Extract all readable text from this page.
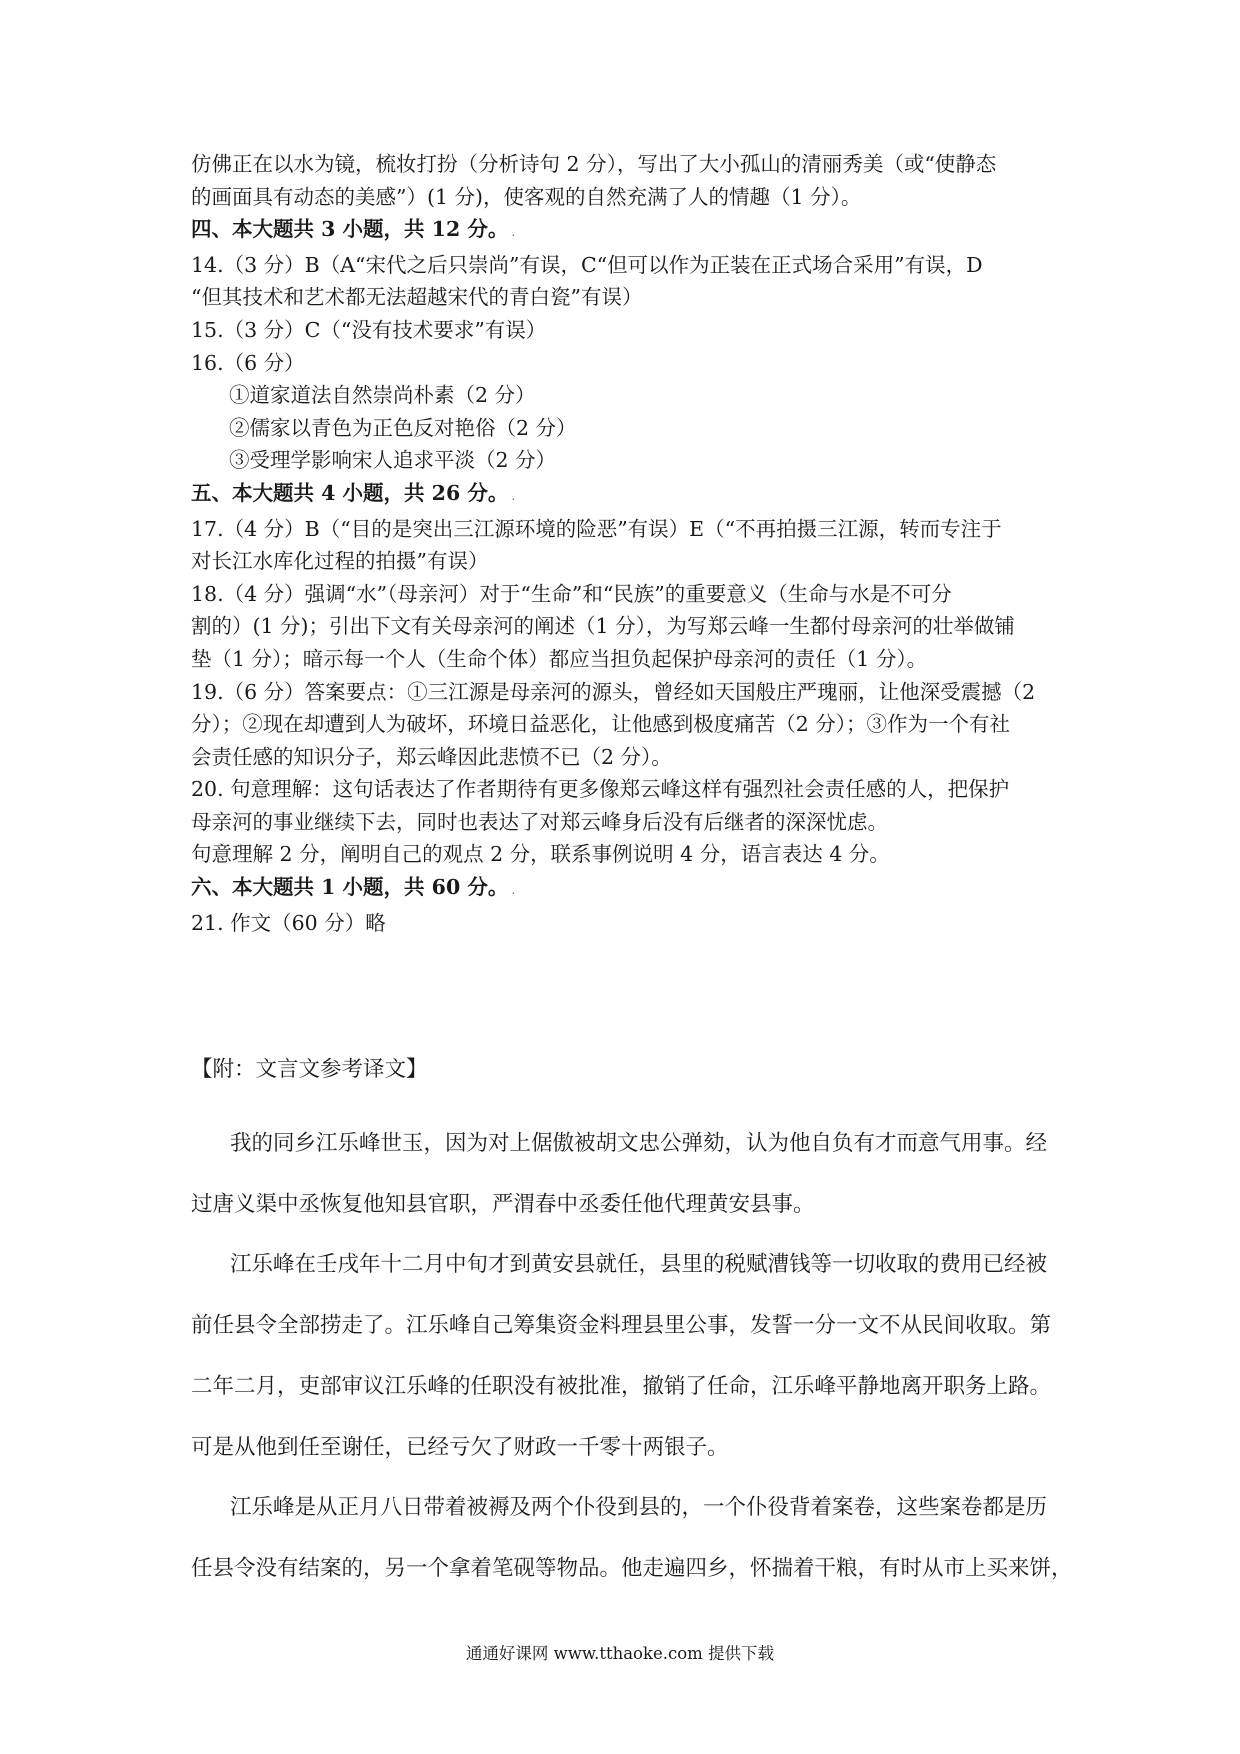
仿佛正在以水为镜，梳妆打扮（分析诗句 2 分），写出了大小孤山的清丽秀美（或“使静态

的画面具有动态的美感”）(1 分)，使客观的自然充满了人的情趣（1 分）。

四、本大题共 3 小题，共 12 分。 .

14.（3 分）B（A“宋代之后只崇尚”有误，C“但可以作为正装在正式场合采用”有误，D

“但其技术和艺术都无法超越宋代的青白瓷”有误）

15.（3 分）C（“没有技术要求”有误）

16.（6 分）

①道家道法自然崇尚朴素（2 分）

②儒家以青色为正色反对艳俗（2 分）

③受理学影响宋人追求平淡（2 分）

五、本大题共 4 小题，共 26 分。 .

17.（4 分）B（“目的是突出三江源环境的险恶”有误）E（“不再拍摄三江源，转而专注于

对长江水库化过程的拍摄”有误）

18.（4 分）强调“水”（母亲河）对于“生命”和“民族”的重要意义（生命与水是不可分

割的）(1 分)；引出下文有关母亲河的阐述（1 分），为写郑云峰一生都付母亲河的壮举做铺

垫（1 分）；暗示每一个人（生命个体）都应当担负起保护母亲河的责任（1 分）。

19.（6 分）答案要点：①三江源是母亲河的源头，曾经如天国般庄严瑰丽，让他深受震撼（2

分）；②现在却遭到人为破坏，环境日益恶化，让他感到极度痛苦（2 分）；③作为一个有社

会责任感的知识分子，郑云峰因此悲愤不已（2 分）。

20. 句意理解：这句话表达了作者期待有更多像郑云峰这样有强烈社会责任感的人，把保护

母亲河的事业继续下去，同时也表达了对郑云峰身后没有后继者的深深忧虑。

句意理解 2 分，阐明自己的观点 2 分，联系事例说明 4 分，语言表达 4 分。

六、本大题共 1 小题，共 60 分。 .

21. 作文（60 分）略

【附：文言文参考译文】

我的同乡江乐峰世玉，因为对上倨傲被胡文忠公弹劾，认为他自负有才而意气用事。经

过唐义渠中丞恢复他知县官职，严渭春中丞委任他代理黄安县事。

江乐峰在壬戌年十二月中旬才到黄安县就任，县里的税赋漕钱等一切收取的费用已经被

前任县令全部捞走了。江乐峰自己筹集资金料理县里公事，发誓一分一文不从民间收取。第

二年二月，吏部审议江乐峰的任职没有被批准，撤销了任命，江乐峰平静地离开职务上路。

可是从他到任至谢任，已经亏欠了财政一千零十两银子。

江乐峰是从正月八日带着被褥及两个仆役到县的，一个仆役背着案卷，这些案卷都是历

任县令没有结案的，另一个拿着笔砚等物品。他走遍四乡，怀揣着干粮，有时从市上买来饼，

通通好课网 www.tthaoke.com 提供下载
